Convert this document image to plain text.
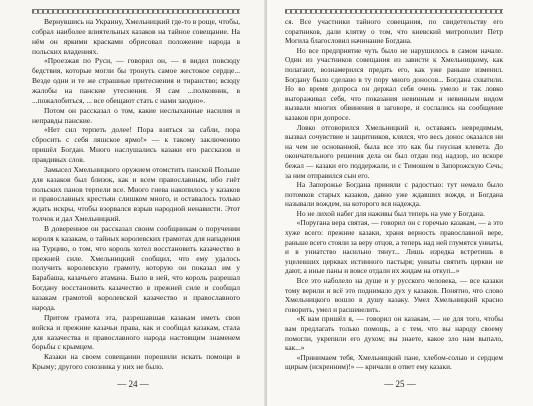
Вернувшись на Украину, Хмельницкий где-то в роще, чтобы, собрал наиболее влиятельных казаков на тайное совещание. На нём он яркими красками обрисовал положение народа в польских владениях.

«Проезжая по Руси, — говорил он, — я видел повсюду бедствия, которые могли бы тронуть самое жестокое сердце... Везде одни и те же страшные притеснения и тиранство; всюду жалобы на панские утеснения. Я сам ...полковник, в ...пожалобиться, ... все обещают стать с нами заодно».

Потом он рассказал о том, какие неслыханные насилия и неправды панские.

«Нет сил терпеть долее! Пора взяться за сабли, пора сбросить с себя ляшское ярмо!» — к такому заключению пришёл Богдан. Много наслушались казаки его рассказов и правдивых слов.

Замысел Хмельницкого оружием отомстить панской Польше для казаков был близок, как и всем православным, ибо гнёт польских панов терпели все. Много гнева накопилось у казаков и православных крестьян слишком много, и оставалось только ждать искры, чтобы взорвался взрыв народной ненависти. Этот толчок и дал Хмельницкий.

В доверенное он рассказал своим сообщникам о поручении короля к казакам, о тайных королевских грамотах для нападения на Турцию, о том, что король хотел восстановить казачество в прежней силе. Хмельницкий сообщил, что ему удалось получить королевскую грамоту, которую он показал им у Барабаша, казачьего атамана. Было в ней, что король разрешал Богдану восстановить казачество в прежней силе и сообщал казакам грамотой королевской казачество и православного народа.

Притом грамота эта, разрешавшая казакам иметь свои войска и прежние казачьи права, как и сообщал казакам, стала для казачества и православного народа настоящим знаменем борьбы с крымцем.

Казаки на своем совещании порешили искать помощи в Крыму; другого союзника у них не было.

— 24 —

ся. Все участники тайного совещания, по свидетельству его соратников, дали клятву о том, что киевский митрополит Петр Могила благословил начинание Богдана.

Но все предприятие чуть было не нарушилось в самом начале. Один из участников совещания из зависти к Хмельницкому, как полагают, вознамерился предать его, как уже раньше изменил. Богдану было сделано в ту пору много доносов... Богдана схватили. Но во время допроса он держал себя очень умело и так ловко выгораживал себя, что показания невинным и невинным видом вызвали многих обвинения в заговоре, и сослались на сообщение казаков при допросе.

Ловко отговорился Хмельницкий и, оставаясь невредимым, вызвал сочувствие и защитников, клялся, что весь донос оказался ни на чем не основанной, была все это как бы гнусная клевета. До окончательного решения дела он был отдан под надзор, но вскоре бежал — казаки его поддержали, и с Тимошем в Запорожскую Сечь; за ним отправился сын его.

На Запорожье Богдана приняли с радостью: тут немало было потомков старых казаков, давно уже ждавших вождя, и Богдана называли вождем, на которого вся надежда.

Но не лихой набег для наживы был теперь на уме у Богдана.

«Поругана вера святая, — говорил он с горечью казакам, — а это хуже всего: прежние казаки, храня верность православной вере, раньше всего стояли за веру отцов, а теперь над ней глумятся униаты, и в униатство насильно тянут... Лишь изредка встретишь в уцелевших церквах истинного пастыря; униаты святить церкви не дают, а иные паны и вовсе отдали их жидам на откуп...»

Все это наболело на душе и у русского человека, — все казаки тому верили и всё это поднимало дух у казаков. Понятно, что слово Хмельницкого вошло в душу казаку. Умел Хмельницкий красно говорить, умел и расшевелить.

«К вам пришёл я, — говорил он казакам, — не для того, чтобы вам предлагать только помощь, а с тем, что вы народу своему помогли, укрепили его духом; вы знаете, какое зло нам выпало, как...»

«Принимаем тебя, Хмельницкий пане, хлебом-солью и сердцем щирым (искренним)!» — кричали в ответ ему казаки.

— 25 —
